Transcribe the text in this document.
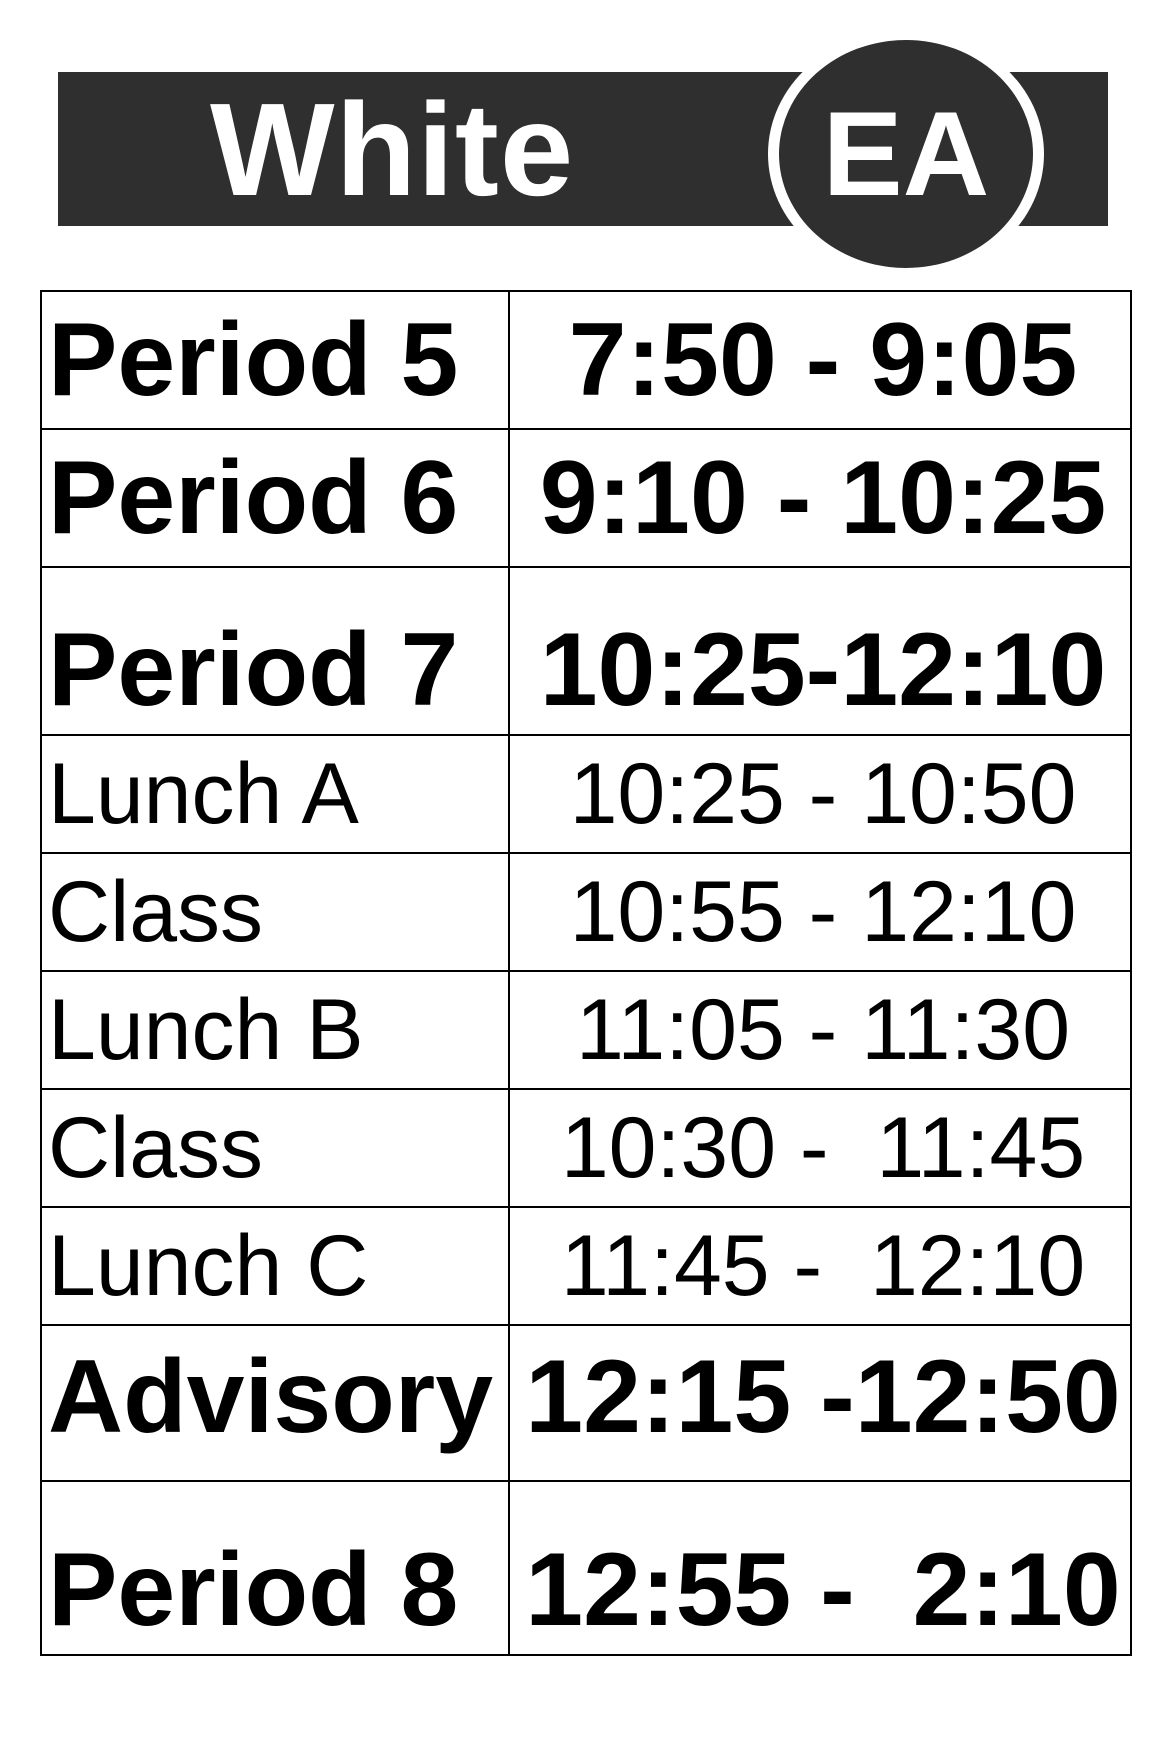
White	EA
Period 5	7:50 - 9:05
Period 6	9:10 - 10:25

Period 7	10:25-12:10

Lunch A	10:25 - 10:50
Class	10:55 - 12:10
Lunch B	11:05 - 11:30
Class	10:30 -  11:45
Lunch C	11:45 -  12:10

Advisory	12:15 -12:50

Period 8	12:55 -  2:10
